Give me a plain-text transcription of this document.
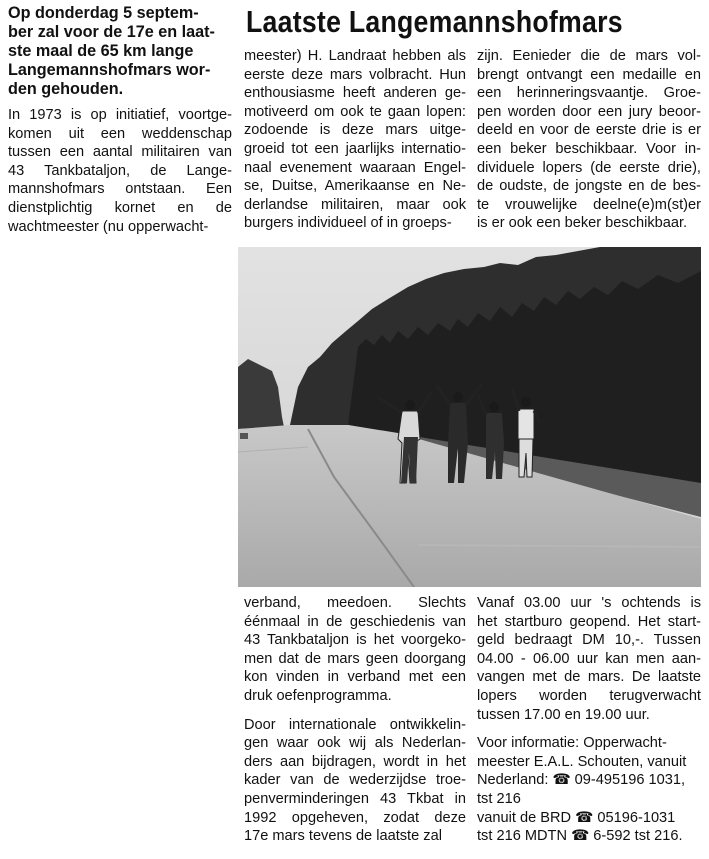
Op donderdag 5 septem-

ber zal voor de 17e en laat-

ste maal de 65 km lange

Langemannshofmars wor-

den gehouden.

Laatste Langemannshofmars

In 1973 is op initiatief, voortge-

komen uit een weddenschap

tussen een aantal militairen van

43 Tankbataljon, de Lange-

mannshofmars ontstaan. Een

dienstplichtig kornet en de

wachtmeester (nu opperwacht-

meester) H. Landraat hebben als

eerste deze mars volbracht. Hun

enthousiasme heeft anderen ge-

motiveerd om ook te gaan lopen:

zodoende is deze mars uitge-

groeid tot een jaarlijks internatio-

naal evenement waaraan Engel-

se, Duitse, Amerikaanse en Ne-

derlandse militairen, maar ook

burgers individueel of in groeps-

zijn. Eenieder die de mars vol-

brengt ontvangt een medaille en

een herinneringsvaantje. Groe-

pen worden door een jury beoor-

deeld en voor de eerste drie is er

een beker beschikbaar. Voor in-

dividuele lopers (de eerste drie),

de oudste, de jongste en de bes-

te vrouwelijke deelne(e)m(st)er

is er ook een beker beschikbaar.

verband, meedoen. Slechts

éénmaal in de geschiedenis van

43 Tankbataljon is het voorgeko-

men dat de mars geen doorgang

kon vinden in verband met een

druk oefenprogramma.

Door internationale ontwikkelin-

gen waar ook wij als Nederlan-

ders aan bijdragen, wordt in het

kader van de wederzijdse troe-

penverminderingen 43 Tkbat in

1992 opgeheven, zodat deze

17e mars tevens de laatste zal

Vanaf 03.00 uur 's ochtends is

het startburo geopend. Het start-

geld bedraagt DM 10,-. Tussen

04.00 - 06.00 uur kan men aan-

vangen met de mars. De laatste

lopers worden terugverwacht

tussen 17.00 en 19.00 uur.

Voor informatie: Opperwacht-

meester E.A.L. Schouten, vanuit

Nederland: ☎ 09-495196 1031,

tst 216

vanuit de BRD ☎ 05196-1031

tst 216 MDTN ☎ 6-592 tst 216.
